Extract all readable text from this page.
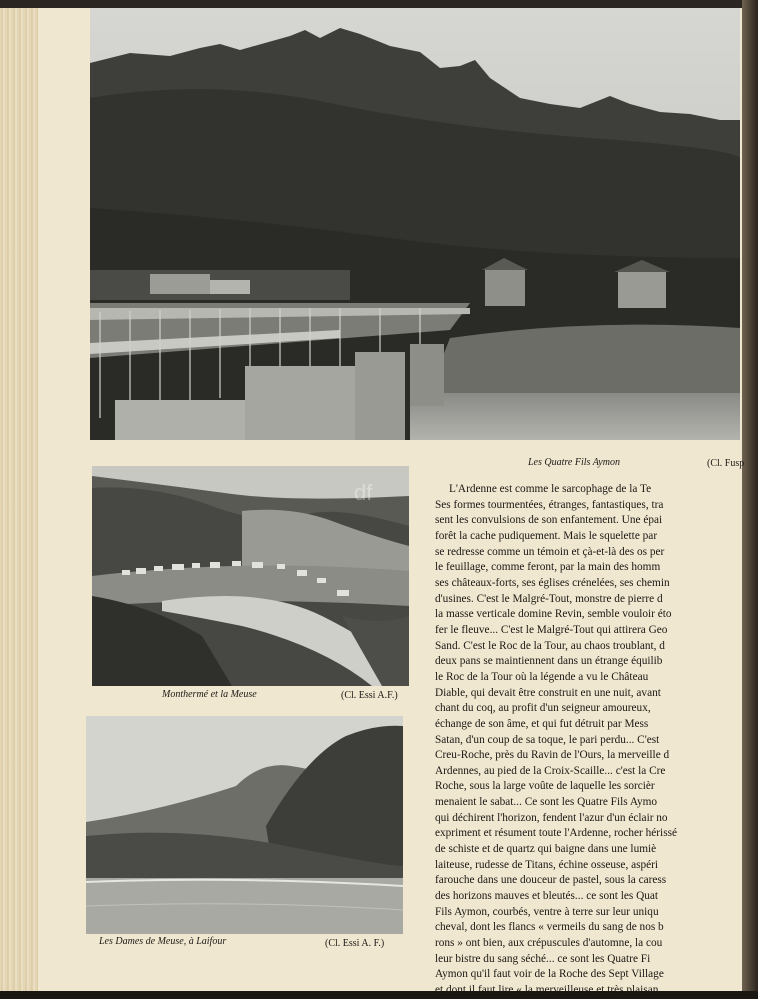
Les Quatre Fils Aymon	(Cl. Fusp
df
Monthermé et la Meuse	(Cl. Essi A.F.)
Les Dames de Meuse, à Laifour	(Cl. Essi A. F.)
L'Ardenne est comme le sarcophage de la Te
Ses formes tourmentées, étranges, fantastiques, tra
sent les convulsions de son enfantement. Une épai
forêt la cache pudiquement. Mais le squelette par
se redresse comme un témoin et çà-et-là des os per
le feuillage, comme feront, par la main des homm
ses châteaux-forts, ses églises crénelées, ses chemin
d'usines. C'est le Malgré-Tout, monstre de pierre d
la masse verticale domine Revin, semble vouloir éto
fer le fleuve... C'est le Malgré-Tout qui attirera Geo
Sand. C'est le Roc de la Tour, au chaos troublant, d
deux pans se maintiennent dans un étrange équilib
le Roc de la Tour où la légende a vu le Château
Diable, qui devait être construit en une nuit, avant
chant du coq, au profit d'un seigneur amoureux,
échange de son âme, et qui fut détruit par Mess
Satan, d'un coup de sa toque, le pari perdu... C'est
Creu-Roche, près du Ravin de l'Ours, la merveille d
Ardennes, au pied de la Croix-Scaille... c'est la Cre
Roche, sous la large voûte de laquelle les sorcièr
menaient le sabat... Ce sont les Quatre Fils Aymo
qui déchirent l'horizon, fendent l'azur d'un éclair no
expriment et résument toute l'Ardenne, rocher hérissé
de schiste et de quartz qui baigne dans une lumiè
laiteuse, rudesse de Titans, échine osseuse, aspéri
farouche dans une douceur de pastel, sous la caress
des horizons mauves et bleutés... ce sont les Quat
Fils Aymon, courbés, ventre à terre sur leur uniqu
cheval, dont les flancs « vermeils du sang de nos b
rons » ont bien, aux crépuscules d'automne, la cou
leur bistre du sang séché... ce sont les Quatre Fi
Aymon qu'il faut voir de la Roche des Sept Village
et dont il faut lire « la merveilleuse et très plaisan
